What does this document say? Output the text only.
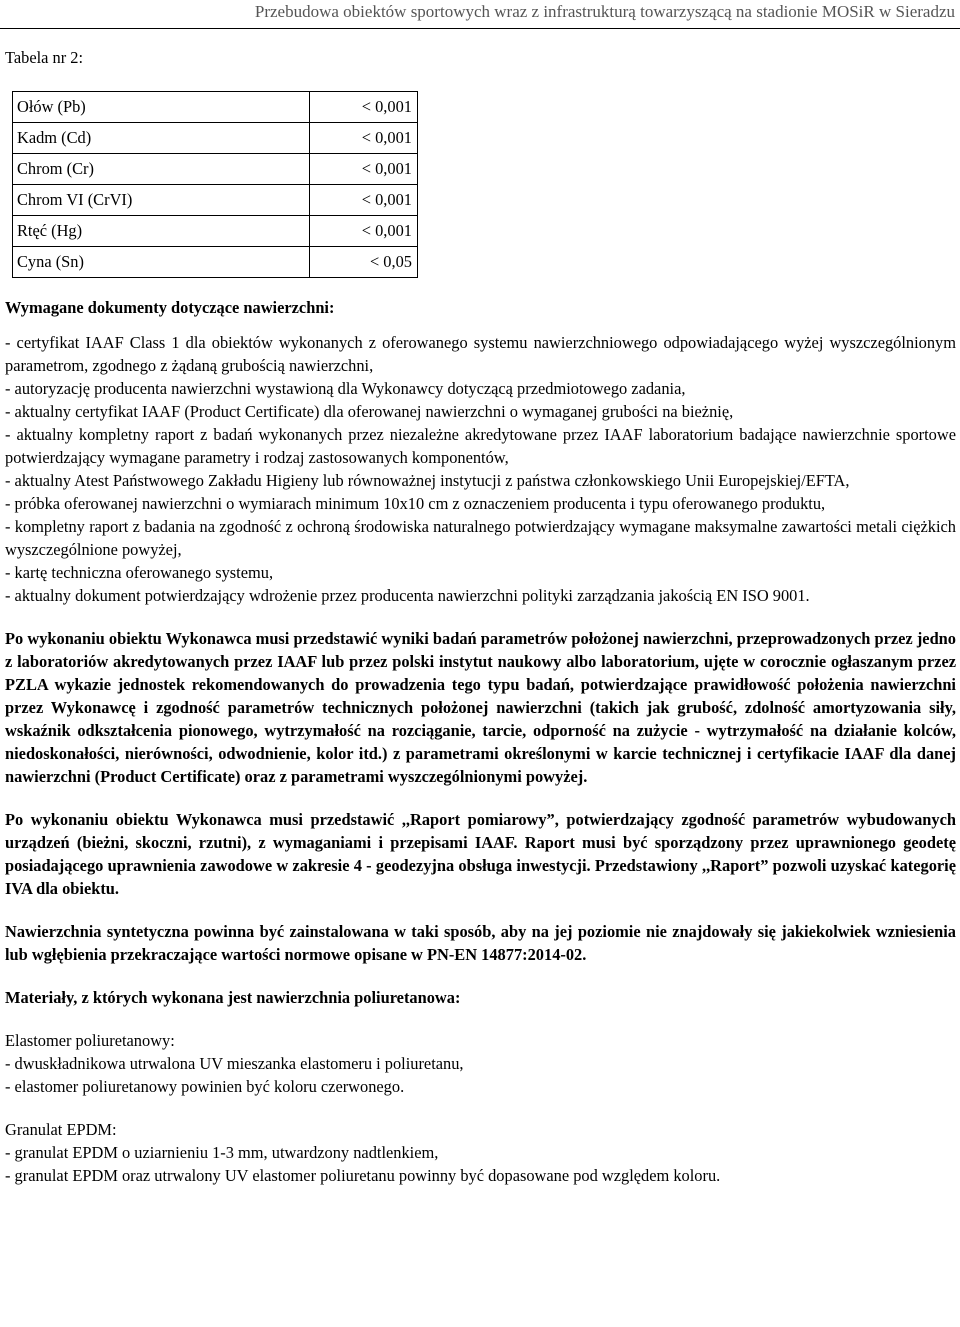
Przebudowa obiektów sportowych wraz z infrastrukturą towarzyszącą na stadionie MOSiR w Sieradzu

Tabela nr 2:

Ołów (Pb)	< 0,001
Kadm (Cd)	< 0,001
Chrom (Cr)	< 0,001
Chrom VI (CrVI)	< 0,001
Rtęć (Hg)	< 0,001
Cyna (Sn)	< 0,05

Wymagane dokumenty dotyczące nawierzchni:

- certyfikat IAAF Class 1 dla obiektów wykonanych z oferowanego systemu nawierzchniowego odpowiadającego wyżej wyszczególnionym parametrom, zgodnego z żądaną grubością nawierzchni,

- autoryzację producenta nawierzchni wystawioną dla Wykonawcy dotyczącą przedmiotowego zadania,

- aktualny certyfikat IAAF (Product Certificate) dla oferowanej nawierzchni o wymaganej grubości na bieżnię,

- aktualny kompletny raport z badań wykonanych przez niezależne akredytowane przez IAAF laboratorium badające nawierzchnie sportowe potwierdzający wymagane parametry i rodzaj zastosowanych komponentów,

- aktualny Atest Państwowego Zakładu Higieny lub równoważnej instytucji z państwa członkowskiego Unii Europejskiej/EFTA,

- próbka oferowanej nawierzchni o wymiarach minimum 10x10 cm z oznaczeniem producenta i typu oferowanego produktu,

- kompletny raport z badania na zgodność z ochroną środowiska naturalnego potwierdzający wymagane maksymalne zawartości metali ciężkich wyszczególnione powyżej,

- kartę techniczna oferowanego systemu,

- aktualny dokument potwierdzający wdrożenie przez producenta nawierzchni polityki zarządzania jakością EN ISO 9001.

Po wykonaniu obiektu Wykonawca musi przedstawić wyniki badań parametrów położonej nawierzchni, przeprowadzonych przez jedno z laboratoriów akredytowanych przez IAAF lub przez polski instytut naukowy albo laboratorium, ujęte w corocznie ogłaszanym przez PZLA wykazie jednostek rekomendowanych do prowadzenia tego typu badań, potwierdzające prawidłowość położenia nawierzchni przez Wykonawcę i zgodność parametrów technicznych położonej nawierzchni (takich jak grubość, zdolność amortyzowania siły, wskaźnik odkształcenia pionowego, wytrzymałość na rozciąganie, tarcie, odporność na zużycie - wytrzymałość na działanie kolców, niedoskonałości, nierówności, odwodnienie, kolor itd.) z parametrami określonymi w karcie technicznej i certyfikacie IAAF dla danej nawierzchni (Product Certificate) oraz z parametrami wyszczególnionymi powyżej.

Po wykonaniu obiektu Wykonawca musi przedstawić ,,Raport pomiarowy”, potwierdzający zgodność parametrów wybudowanych urządzeń (bieżni, skoczni, rzutni), z wymaganiami i przepisami IAAF. Raport musi być sporządzony przez uprawnionego geodetę posiadającego uprawnienia zawodowe w zakresie 4 - geodezyjna obsługa inwestycji. Przedstawiony ,,Raport” pozwoli uzyskać kategorię IVA dla obiektu.

Nawierzchnia syntetyczna powinna być zainstalowana w taki sposób, aby na jej poziomie nie znajdowały się jakiekolwiek wzniesienia lub wgłębienia przekraczające wartości normowe opisane w PN-EN 14877:2014-02.

Materiały, z których wykonana jest nawierzchnia poliuretanowa:

Elastomer poliuretanowy:

- dwuskładnikowa utrwalona UV mieszanka elastomeru i poliuretanu,

- elastomer poliuretanowy powinien być koloru czerwonego.

Granulat EPDM:

- granulat EPDM o uziarnieniu 1-3 mm, utwardzony nadtlenkiem,

- granulat EPDM oraz utrwalony UV elastomer poliuretanu powinny być dopasowane pod względem koloru.
